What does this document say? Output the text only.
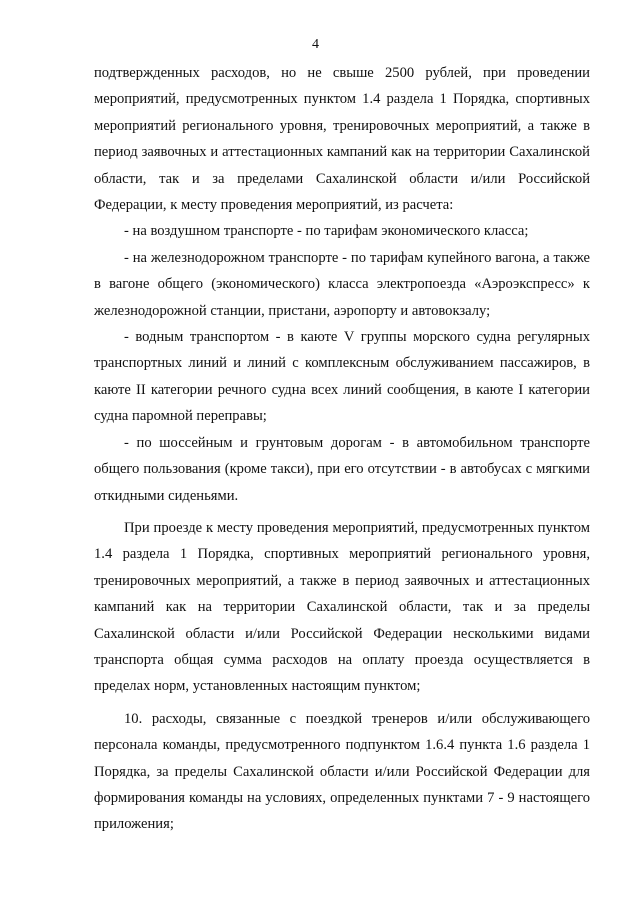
4

подтвержденных расходов, но не свыше 2500 рублей, при проведении мероприятий, предусмотренных пунктом 1.4 раздела 1 Порядка, спортивных мероприятий регионального уровня, тренировочных мероприятий, а также в период заявочных и аттестационных кампаний как на территории Сахалинской области, так и за пределами Сахалинской области и/или Российской Федерации, к месту проведения мероприятий, из расчета:

- на воздушном транспорте - по тарифам экономического класса;

- на железнодорожном транспорте - по тарифам купейного вагона, а также в вагоне общего (экономического) класса электропоезда «Аэроэкспресс» к железнодорожной станции, пристани, аэропорту и автовокзалу;

- водным транспортом - в каюте V группы морского судна регулярных транспортных линий и линий с комплексным обслуживанием пассажиров, в каюте II категории речного судна всех линий сообщения, в каюте I категории судна паромной переправы;

- по шоссейным и грунтовым дорогам - в автомобильном транспорте общего пользования (кроме такси), при его отсутствии - в автобусах с мягкими откидными сиденьями.

При проезде к месту проведения мероприятий, предусмотренных пунктом 1.4 раздела 1 Порядка, спортивных мероприятий регионального уровня, тренировочных мероприятий, а также в период заявочных и аттестационных кампаний как на территории Сахалинской области, так и за пределы Сахалинской области и/или Российской Федерации несколькими видами транспорта общая сумма расходов на оплату проезда осуществляется в пределах норм, установленных настоящим пунктом;

10. расходы, связанные с поездкой тренеров и/или обслуживающего персонала команды, предусмотренного подпунктом 1.6.4 пункта 1.6 раздела 1 Порядка, за пределы Сахалинской области и/или Российской Федерации для формирования команды на условиях, определенных пунктами 7 - 9 настоящего приложения;
